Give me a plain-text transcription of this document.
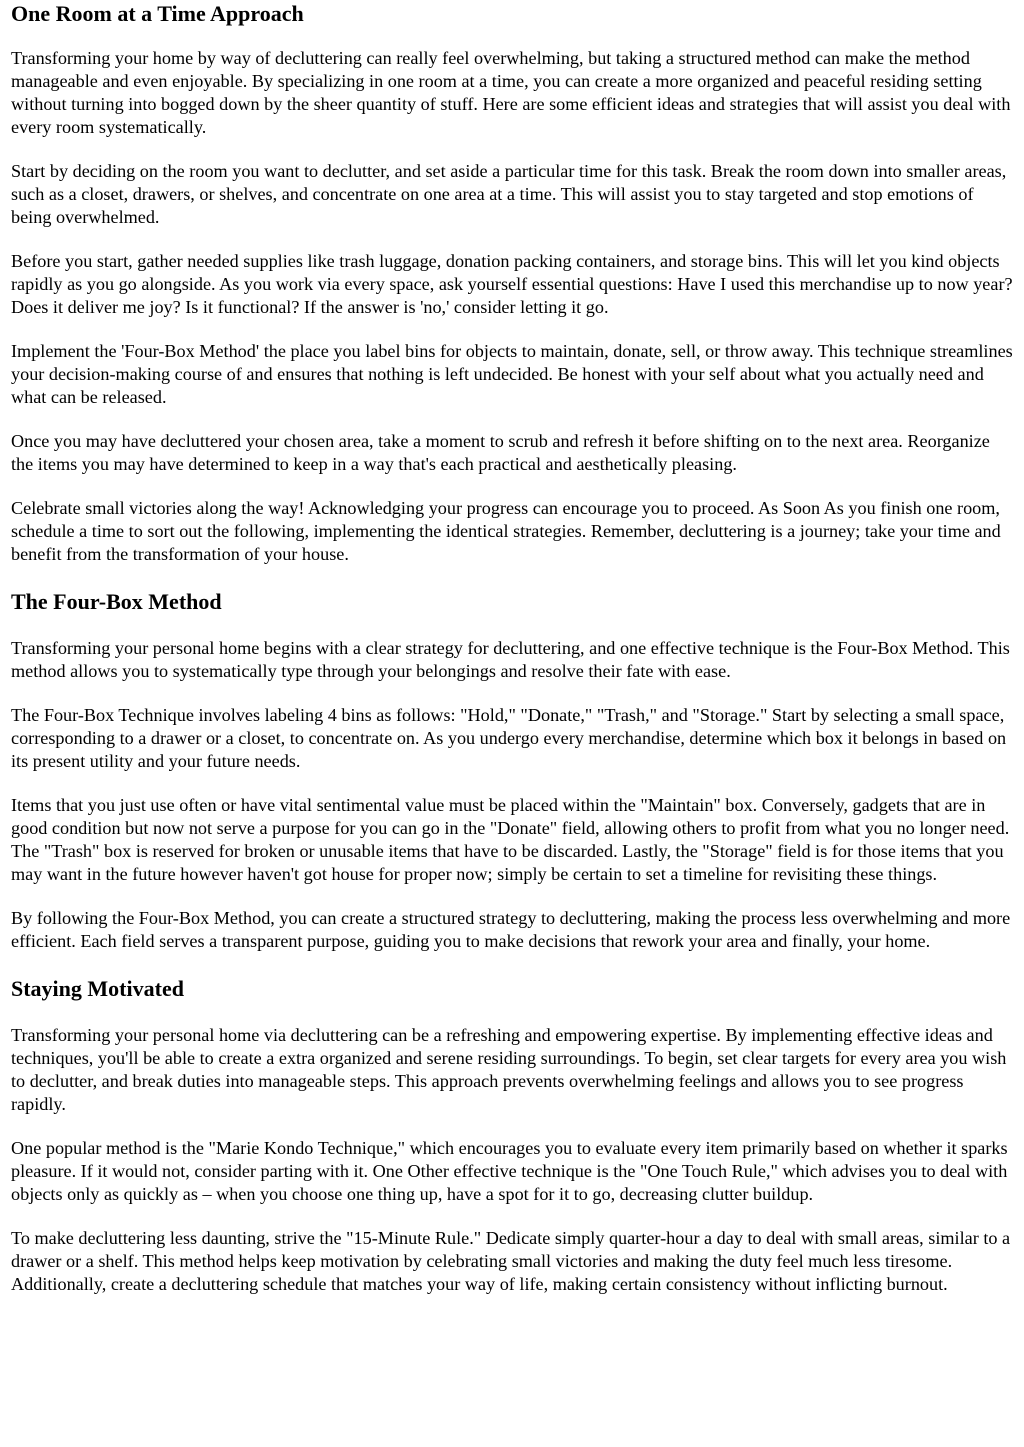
One Room at a Time Approach

Transforming your home by way of decluttering can really feel overwhelming, but taking a structured method can make the method manageable and even enjoyable. By specializing in one room at a time, you can create a more organized and peaceful residing setting without turning into bogged down by the sheer quantity of stuff. Here are some efficient ideas and strategies that will assist you deal with every room systematically.

Start by deciding on the room you want to declutter, and set aside a particular time for this task. Break the room down into smaller areas, such as a closet, drawers, or shelves, and concentrate on one area at a time. This will assist you to stay targeted and stop emotions of being overwhelmed.

Before you start, gather needed supplies like trash luggage, donation packing containers, and storage bins. This will let you kind objects rapidly as you go alongside. As you work via every space, ask yourself essential questions: Have I used this merchandise up to now year? Does it deliver me joy? Is it functional? If the answer is 'no,' consider letting it go.

Implement the 'Four-Box Method' the place you label bins for objects to maintain, donate, sell, or throw away. This technique streamlines your decision-making course of and ensures that nothing is left undecided. Be honest with your self about what you actually need and what can be released.

Once you may have decluttered your chosen area, take a moment to scrub and refresh it before shifting on to the next area. Reorganize the items you may have determined to keep in a way that's each practical and aesthetically pleasing.

Celebrate small victories along the way! Acknowledging your progress can encourage you to proceed. As Soon As you finish one room, schedule a time to sort out the following, implementing the identical strategies. Remember, decluttering is a journey; take your time and benefit from the transformation of your house.

The Four-Box Method

Transforming your personal home begins with a clear strategy for decluttering, and one effective technique is the Four-Box Method. This method allows you to systematically type through your belongings and resolve their fate with ease.

The Four-Box Technique involves labeling 4 bins as follows: "Hold," "Donate," "Trash," and "Storage." Start by selecting a small space, corresponding to a drawer or a closet, to concentrate on. As you undergo every merchandise, determine which box it belongs in based on its present utility and your future needs.

Items that you just use often or have vital sentimental value must be placed within the "Maintain" box. Conversely, gadgets that are in good condition but now not serve a purpose for you can go in the "Donate" field, allowing others to profit from what you no longer need. The "Trash" box is reserved for broken or unusable items that have to be discarded. Lastly, the "Storage" field is for those items that you may want in the future however haven't got house for proper now; simply be certain to set a timeline for revisiting these things.

By following the Four-Box Method, you can create a structured strategy to decluttering, making the process less overwhelming and more efficient. Each field serves a transparent purpose, guiding you to make decisions that rework your area and finally, your home.

Staying Motivated

Transforming your personal home via decluttering can be a refreshing and empowering expertise. By implementing effective ideas and techniques, you'll be able to create a extra organized and serene residing surroundings. To begin, set clear targets for every area you wish to declutter, and break duties into manageable steps. This approach prevents overwhelming feelings and allows you to see progress rapidly.

One popular method is the "Marie Kondo Technique," which encourages you to evaluate every item primarily based on whether it sparks pleasure. If it would not, consider parting with it. One Other effective technique is the "One Touch Rule," which advises you to deal with objects only as quickly as – when you choose one thing up, have a spot for it to go, decreasing clutter buildup.

To make decluttering less daunting, strive the "15-Minute Rule." Dedicate simply quarter-hour a day to deal with small areas, similar to a drawer or a shelf. This method helps keep motivation by celebrating small victories and making the duty feel much less tiresome. Additionally, create a decluttering schedule that matches your way of life, making certain consistency without inflicting burnout.
